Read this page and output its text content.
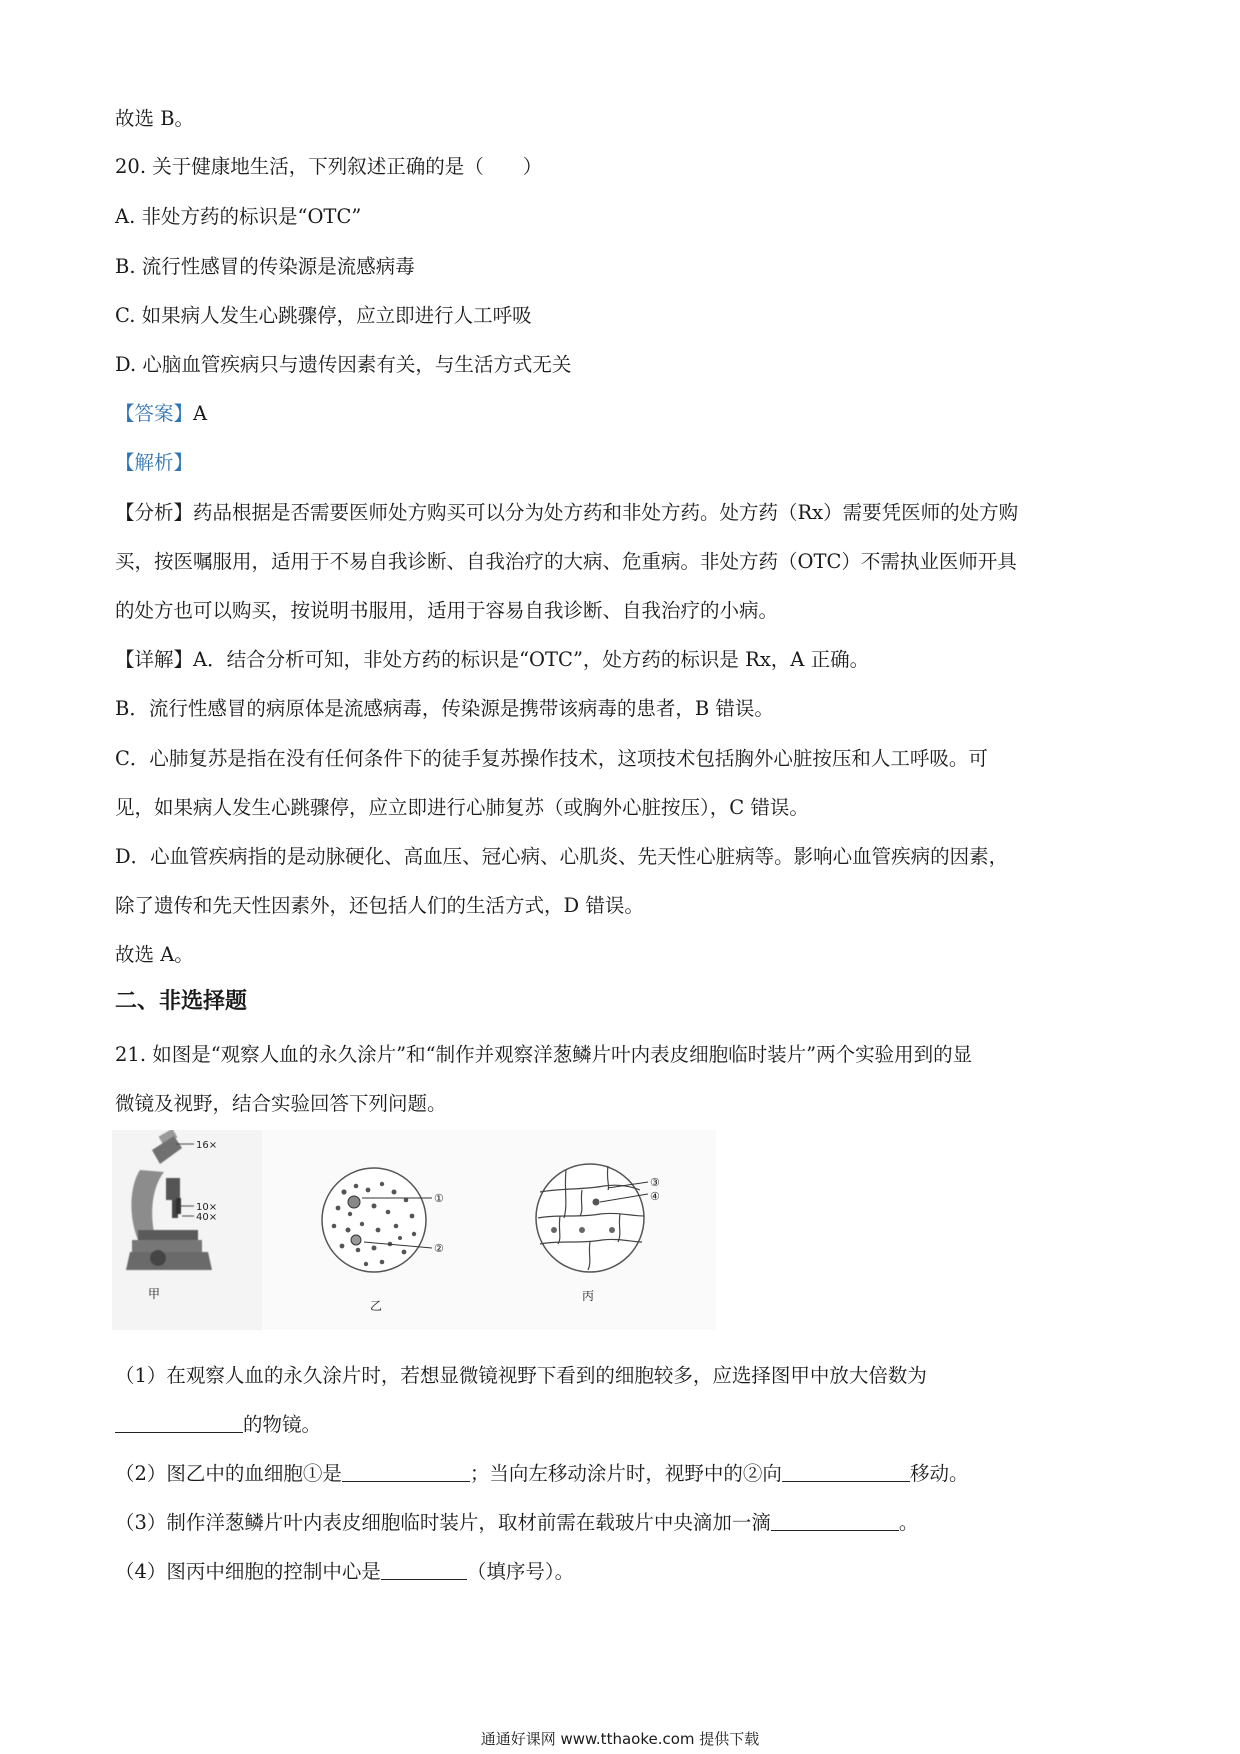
故选 B。
20. 关于健康地生活，下列叙述正确的是（　　）
A. 非处方药的标识是“OTC”
B. 流行性感冒的传染源是流感病毒
C. 如果病人发生心跳骤停，应立即进行人工呼吸
D. 心脑血管疾病只与遗传因素有关，与生活方式无关
【答案】A
【解析】
【分析】药品根据是否需要医师处方购买可以分为处方药和非处方药。处方药（Rx）需要凭医师的处方购
买，按医嘱服用，适用于不易自我诊断、自我治疗的大病、危重病。非处方药（OTC）不需执业医师开具
的处方也可以购买，按说明书服用，适用于容易自我诊断、自我治疗的小病。
【详解】A．结合分析可知，非处方药的标识是“OTC”，处方药的标识是 Rx，A 正确。
B．流行性感冒的病原体是流感病毒，传染源是携带该病毒的患者，B 错误。
C．心肺复苏是指在没有任何条件下的徒手复苏操作技术，这项技术包括胸外心脏按压和人工呼吸。可
见，如果病人发生心跳骤停，应立即进行心肺复苏（或胸外心脏按压），C 错误。
D．心血管疾病指的是动脉硬化、高血压、冠心病、心肌炎、先天性心脏病等。影响心血管疾病的因素，
除了遗传和先天性因素外，还包括人们的生活方式，D 错误。
故选 A。
二、非选择题
21. 如图是“观察人血的永久涂片”和“制作并观察洋葱鳞片叶内表皮细胞临时装片”两个实验用到的显
微镜及视野，结合实验回答下列问题。
16×
10×
40×
甲
①
②
乙
③
④
丙
（1）在观察人血的永久涂片时，若想显微镜视野下看到的细胞较多，应选择图甲中放大倍数为
的物镜。
（2）图乙中的血细胞①是	；当向左移动涂片时，视野中的②向	移动。
（3）制作洋葱鳞片叶内表皮细胞临时装片，取材前需在载玻片中央滴加一滴	。
（4）图丙中细胞的控制中心是	（填序号）。
通通好课网 www.tthaoke.com 提供下载
